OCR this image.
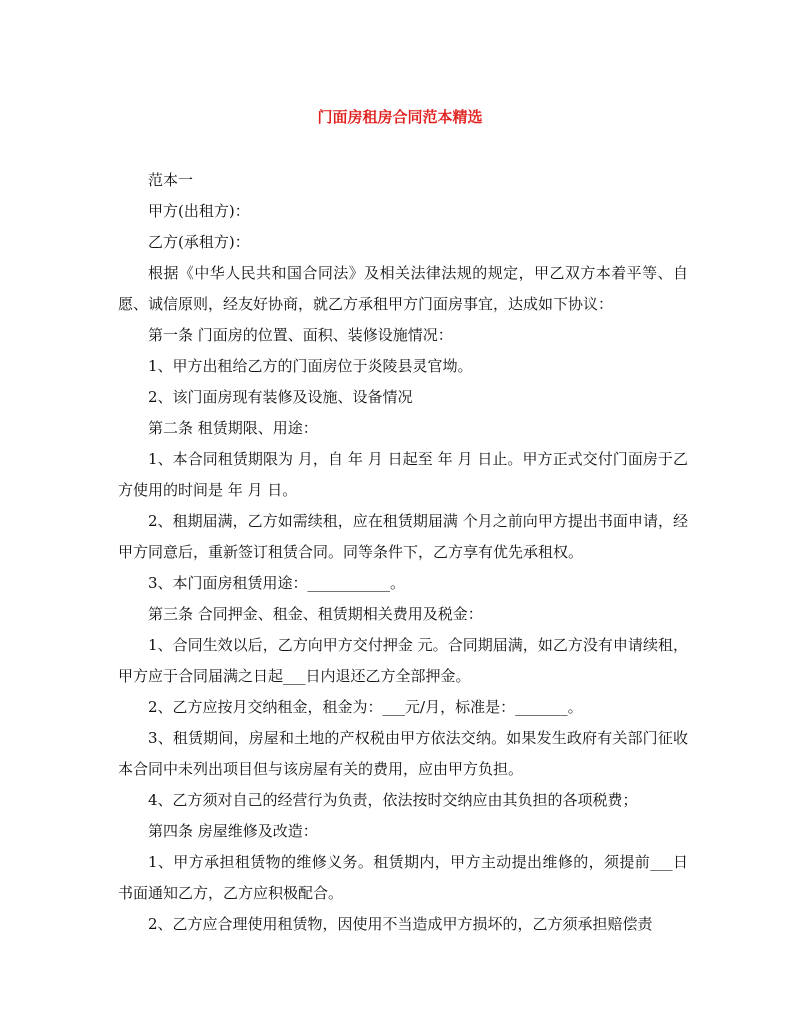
门面房租房合同范本精选

范本一

甲方(出租方)：

乙方(承租方)：

根据《中华人民共和国合同法》及相关法律法规的规定，甲乙双方本着平等、自愿、诚信原则，经友好协商，就乙方承租甲方门面房事宜，达成如下协议：

第一条 门面房的位置、面积、装修设施情况：

1、甲方出租给乙方的门面房位于炎陵县灵官坳。

2、该门面房现有装修及设施、设备情况

第二条 租赁期限、用途：

1、本合同租赁期限为 月，自 年 月 日起至 年 月 日止。甲方正式交付门面房于乙方使用的时间是 年 月 日。

2、租期届满，乙方如需续租，应在租赁期届满 个月之前向甲方提出书面申请，经甲方同意后，重新签订租赁合同。同等条件下，乙方享有优先承租权。

3、本门面房租赁用途：___________。

第三条 合同押金、租金、租赁期相关费用及税金：

1、合同生效以后，乙方向甲方交付押金 元。合同期届满，如乙方没有申请续租，甲方应于合同届满之日起___日内退还乙方全部押金。

2、乙方应按月交纳租金，租金为：___元/月，标准是：_______。

3、租赁期间，房屋和土地的产权税由甲方依法交纳。如果发生政府有关部门征收本合同中未列出项目但与该房屋有关的费用，应由甲方负担。

4、乙方须对自己的经营行为负责，依法按时交纳应由其负担的各项税费；

第四条 房屋维修及改造：

1、甲方承担租赁物的维修义务。租赁期内，甲方主动提出维修的，须提前___日书面通知乙方，乙方应积极配合。

2、乙方应合理使用租赁物，因使用不当造成甲方损坏的，乙方须承担赔偿责
